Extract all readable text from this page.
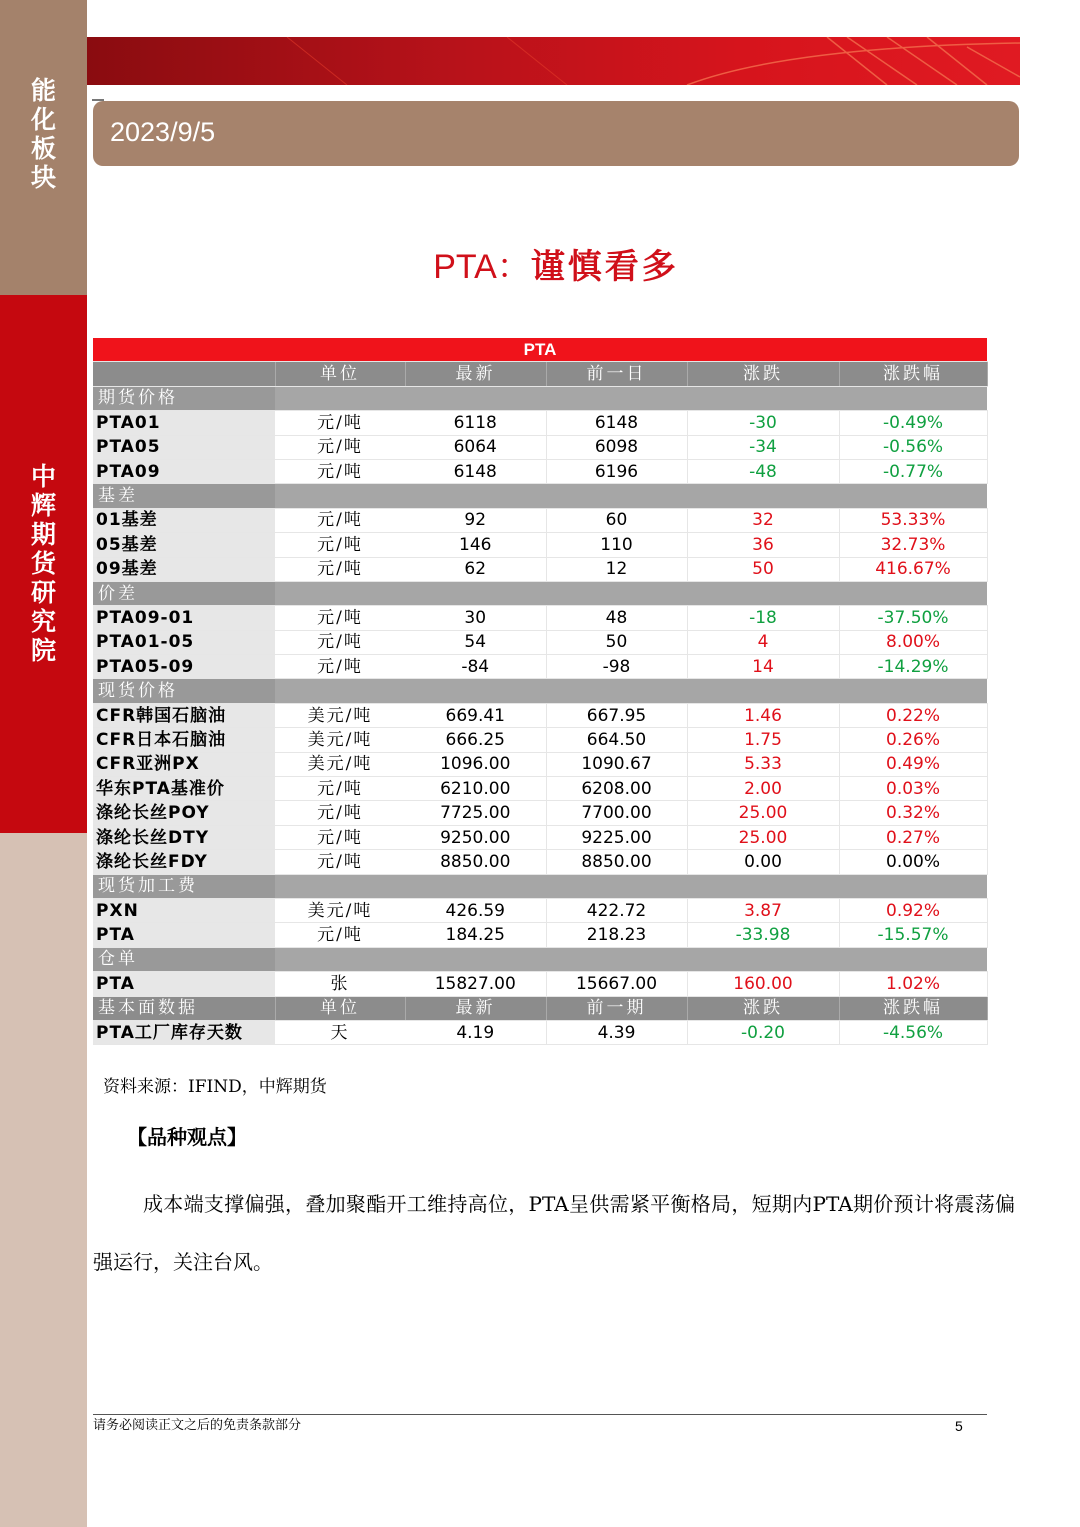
能
化
板
块
中
辉
期
货
研
究
院
2023/9/5
PTA：谨慎看多
PTA					
	单位	最新	前一日	涨跌	涨跌幅
期货价格					
PTA01	元/吨	6118	6148	-30	-0.49%
PTA05	元/吨	6064	6098	-34	-0.56%
PTA09	元/吨	6148	6196	-48	-0.77%
基差					
01基差	元/吨	92	60	32	53.33%
05基差	元/吨	146	110	36	32.73%
09基差	元/吨	62	12	50	416.67%
价差					
PTA09-01	元/吨	30	48	-18	-37.50%
PTA01-05	元/吨	54	50	4	8.00%
PTA05-09	元/吨	-84	-98	14	-14.29%
现货价格					
CFR韩国石脑油	美元/吨	669.41	667.95	1.46	0.22%
CFR日本石脑油	美元/吨	666.25	664.50	1.75	0.26%
CFR亚洲PX	美元/吨	1096.00	1090.67	5.33	0.49%
华东PTA基准价	元/吨	6210.00	6208.00	2.00	0.03%
涤纶长丝POY	元/吨	7725.00	7700.00	25.00	0.32%
涤纶长丝DTY	元/吨	9250.00	9225.00	25.00	0.27%
涤纶长丝FDY	元/吨	8850.00	8850.00	0.00	0.00%
现货加工费					
PXN	美元/吨	426.59	422.72	3.87	0.92%
PTA	元/吨	184.25	218.23	-33.98	-15.57%
仓单					
PTA	张	15827.00	15667.00	160.00	1.02%
基本面数据	单位	最新	前一期	涨跌	涨跌幅
PTA工厂库存天数	天	4.19	4.39	-0.20	-4.56%
资料来源：IFIND，中辉期货
【品种观点】
成本端支撑偏强，叠加聚酯开工维持高位，PTA呈供需紧平衡格局，短期内PTA期价预计将震荡偏强运行，关注台风。
请务必阅读正文之后的免责条款部分	5
